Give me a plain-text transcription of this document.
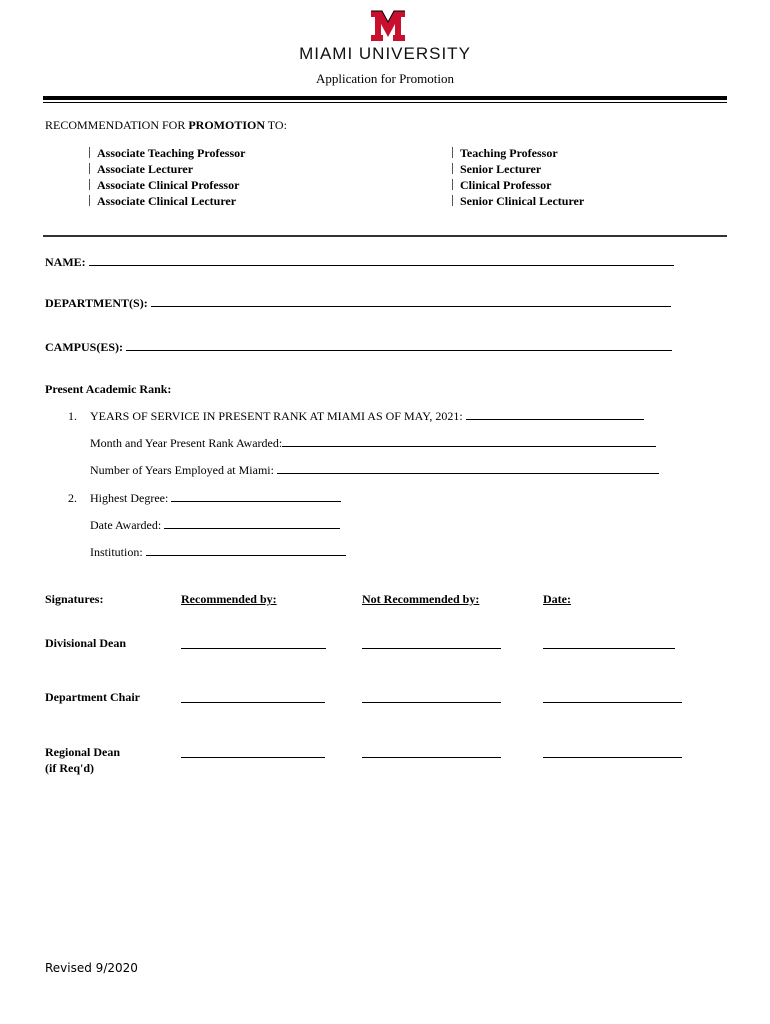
MIAMI UNIVERSITY
Application for Promotion
RECOMMENDATION FOR PROMOTION TO:
Associate Teaching Professor
Associate Lecturer
Associate Clinical Professor
Associate Clinical Lecturer
Teaching Professor
Senior Lecturer
Clinical Professor
Senior Clinical Lecturer
NAME:
DEPARTMENT(S):
CAMPUS(ES):
Present Academic Rank:
1. YEARS OF SERVICE IN PRESENT RANK AT MIAMI AS OF MAY, 2021:
Month and Year Present Rank Awarded:
Number of Years Employed at Miami:
2. Highest Degree:
Date Awarded:
Institution:
Signatures:	Recommended by:	Not Recommended by:	Date:
Divisional Dean
Department Chair
Regional Dean
(if Req'd)
Revised 9/2020
